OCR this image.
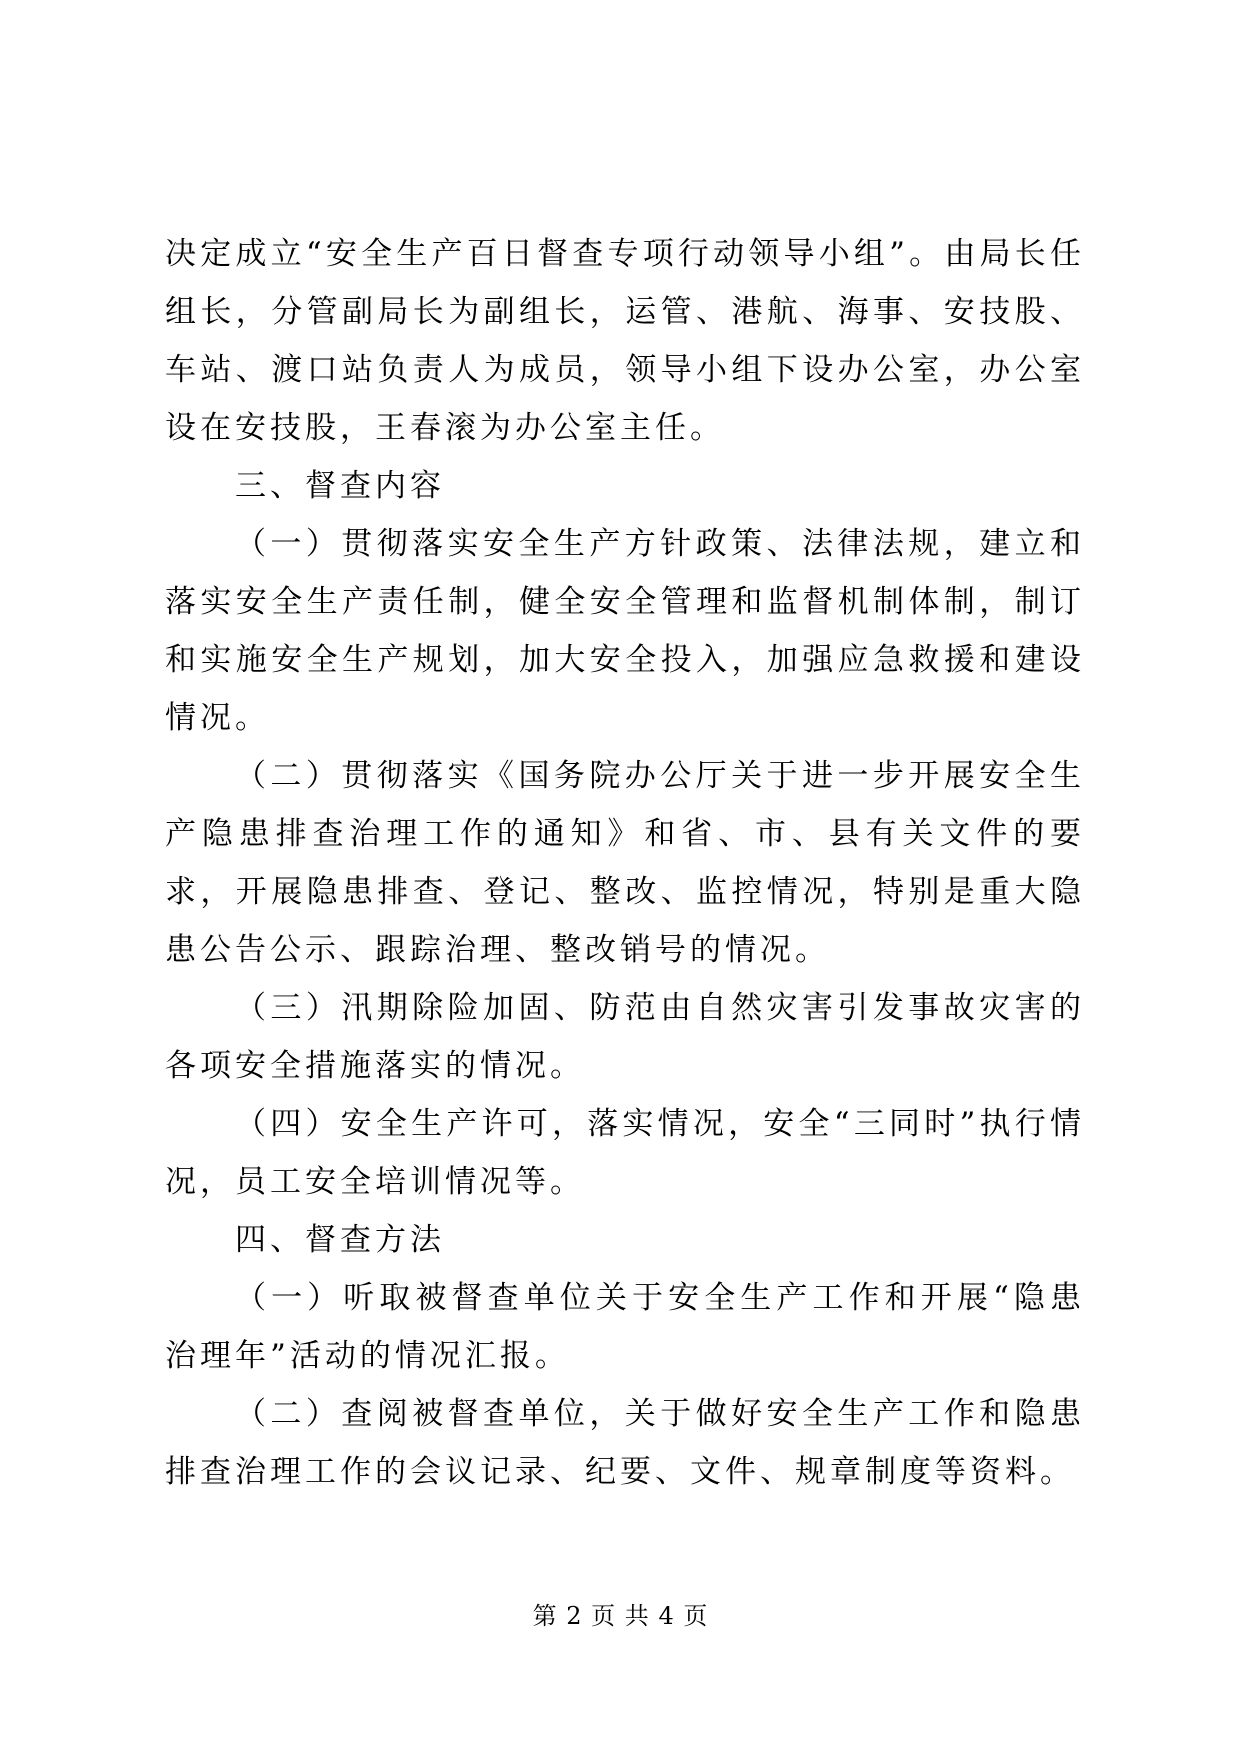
决定成立“安全生产百日督查专项行动领导小组”。由局长任组长，分管副局长为副组长，运管、港航、海事、安技股、车站、渡口站负责人为成员，领导小组下设办公室，办公室设在安技股，王春滚为办公室主任。

三、督查内容

（一）贯彻落实安全生产方针政策、法律法规，建立和落实安全生产责任制，健全安全管理和监督机制体制，制订和实施安全生产规划，加大安全投入，加强应急救援和建设情况。

（二）贯彻落实《国务院办公厅关于进一步开展安全生产隐患排查治理工作的通知》和省、市、县有关文件的要求，开展隐患排查、登记、整改、监控情况，特别是重大隐患公告公示、跟踪治理、整改销号的情况。

（三）汛期除险加固、防范由自然灾害引发事故灾害的各项安全措施落实的情况。

（四）安全生产许可，落实情况，安全“三同时”执行情况，员工安全培训情况等。

四、督查方法

（一）听取被督查单位关于安全生产工作和开展“隐患治理年”活动的情况汇报。

（二）查阅被督查单位，关于做好安全生产工作和隐患排查治理工作的会议记录、纪要、文件、规章制度等资料。

第 2 页 共 4 页
